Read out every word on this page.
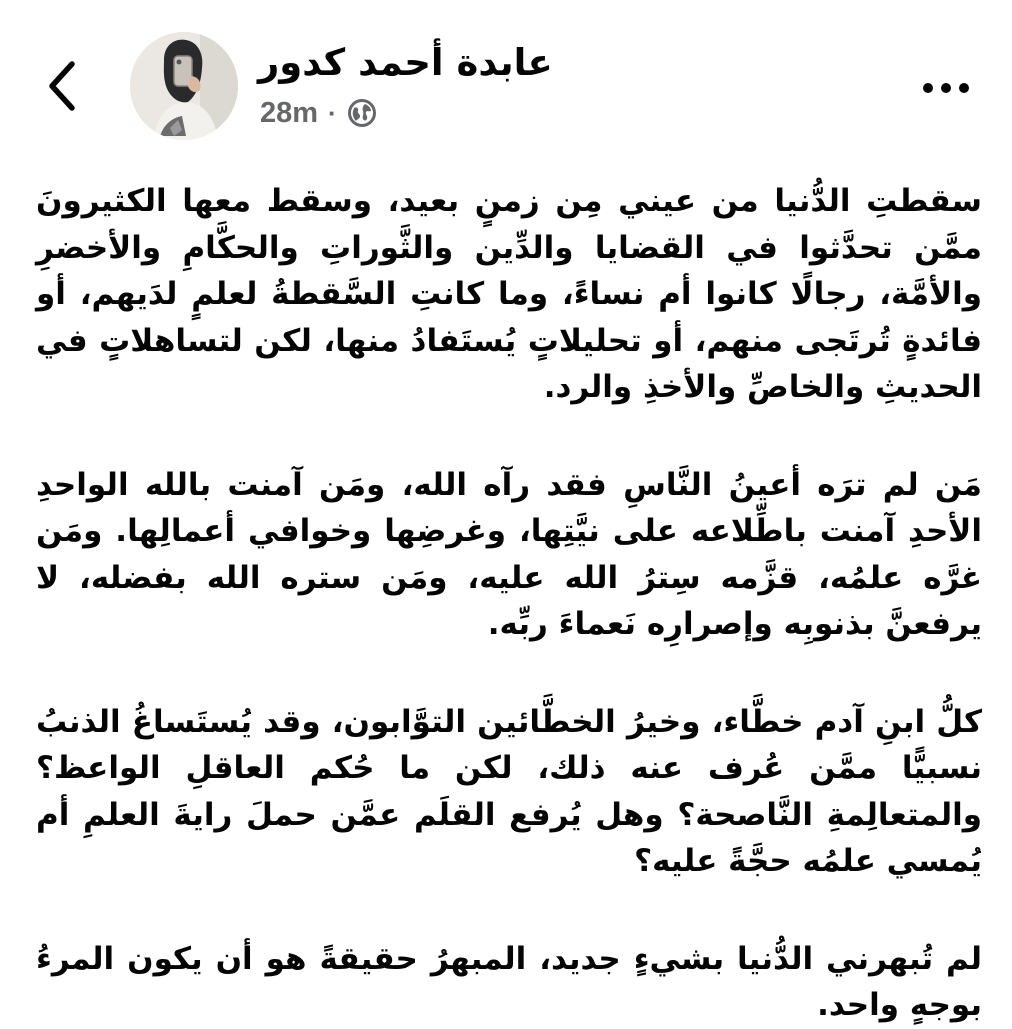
عابدة أحمد كدور
28m ·

سقطتِ الدُّنيا من عيني مِن زمنٍ بعيد، وسقط معها الكثيرونَ ممَّن تحدَّثوا في القضايا والدِّين والثَّوراتِ والحكَّامِ والأخضرِ والأمَّة، رجالًا كانوا أم نساءً، وما كانتِ السَّقطةُ لعلمٍ لدَيهم، أو فائدةٍ تُرتَجى منهم، أو تحليلاتٍ يُستَفادُ منها، لكن لتساهلاتٍ في الحديثِ والخاصِّ والأخذِ والرد.

مَن لم ترَه أعينُ النَّاسِ فقد رآه الله، ومَن آمنت بالله الواحدِ الأحدِ آمنت باطِّلاعه على نيَّتِها، وغرضِها وخوافي أعمالِها. ومَن غرَّه علمُه، قزَّمه سِترُ الله عليه، ومَن ستره الله بفضله، لا يرفعنَّ بذنوبِه وإصرارِه نَعماءَ ربِّه.

كلُّ ابنِ آدم خطَّاء، وخيرُ الخطَّائين التوَّابون، وقد يُستَساغُ الذنبُ نسبيًّا ممَّن عُرف عنه ذلك، لكن ما حُكم العاقلِ الواعظ؟ والمتعالِمةِ النَّاصحة؟ وهل يُرفع القلَم عمَّن حملَ رايةَ العلمِ أم يُمسي علمُه حجَّةً عليه؟

لم تُبهرني الدُّنيا بشيءٍ جديد، المبهرُ حقيقةً هو أن يكون المرءُ بوجهٍ واحد.
